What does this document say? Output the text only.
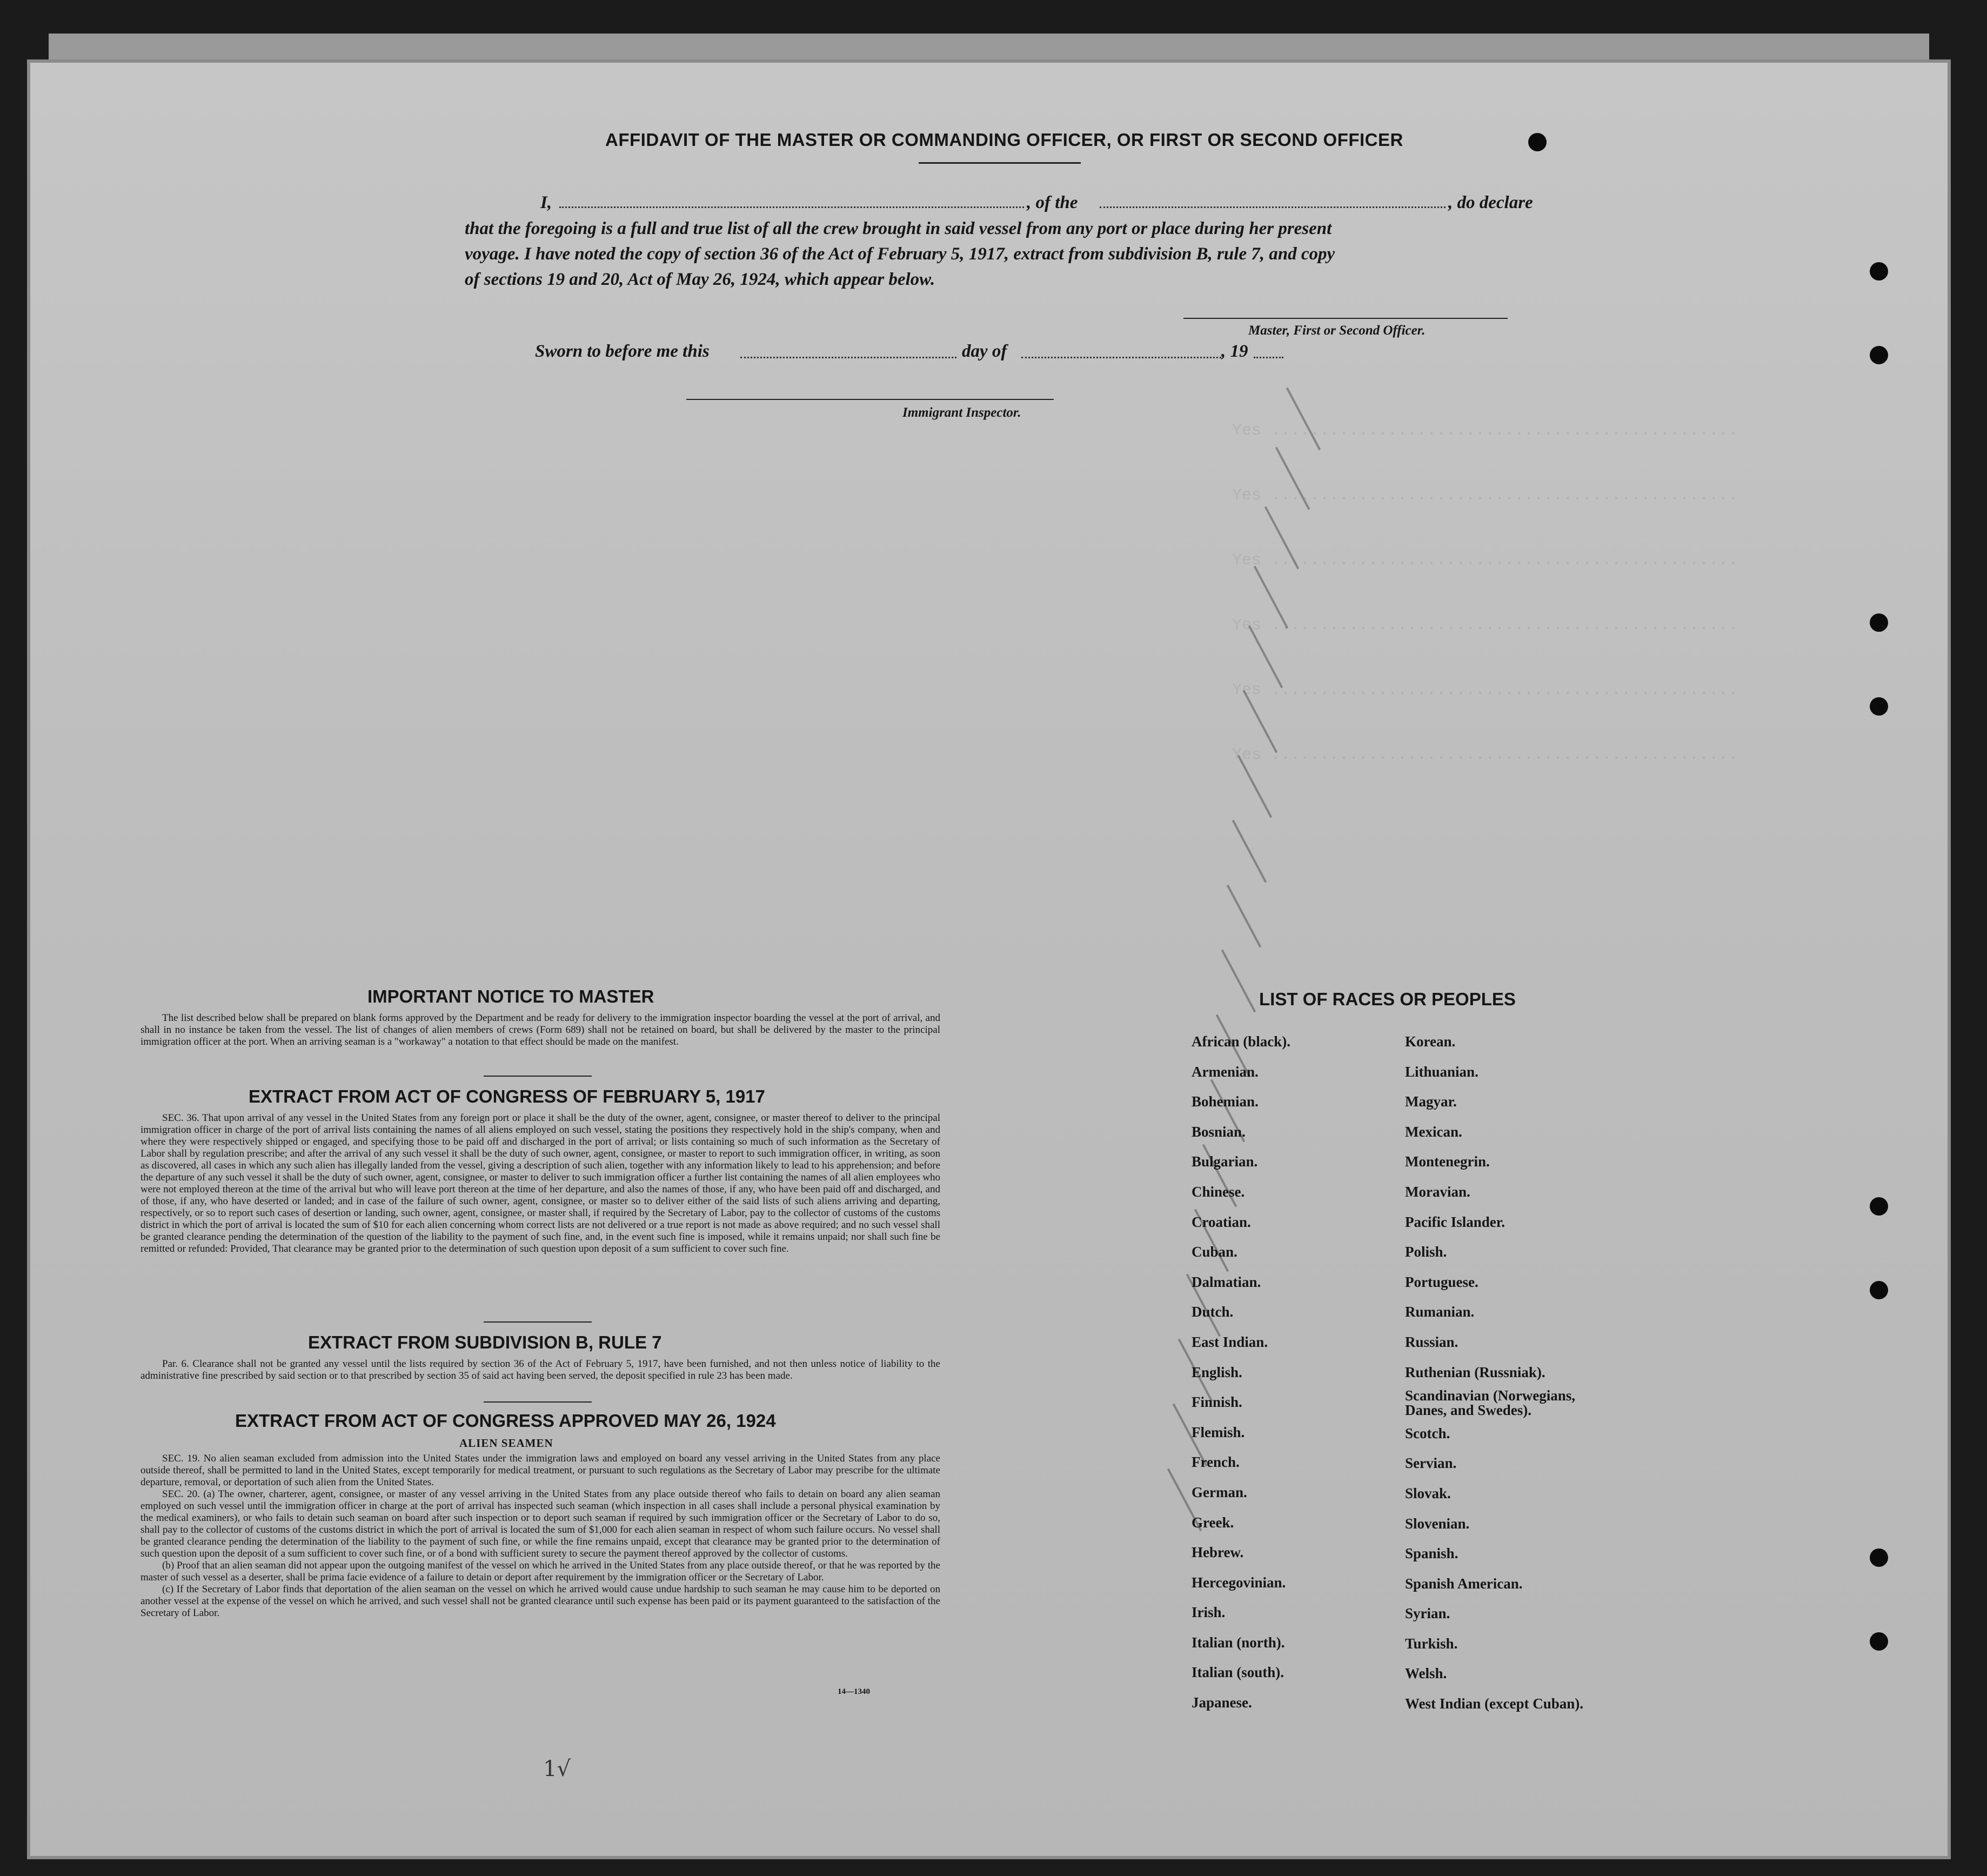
Yes ................................................
Yes ................................................
Yes ................................................
Yes ................................................
Yes ................................................
Yes ................................................
AFFIDAVIT OF THE MASTER OR COMMANDING OFFICER, OR FIRST OR SECOND OFFICER
I,	, of the	, do declare
that the foregoing is a full and true list of all the crew brought in said vessel from any port or place during her present
voyage. I have noted the copy of section 36 of the Act of February 5, 1917, extract from subdivision B, rule 7, and copy
of sections 19 and 20, Act of May 26, 1924, which appear below.
Master, First or Second Officer.
Sworn to before me this	day of	, 19
Immigrant Inspector.
IMPORTANT NOTICE TO MASTER

The list described below shall be prepared on blank forms approved by the Department and be ready for delivery to the immigration inspector boarding the vessel at the port of arrival, and shall in no instance be taken from the vessel. The list of changes of alien members of crews (Form 689) shall not be retained on board, but shall be delivered by the master to the principal immigration officer at the port. When an arriving seaman is a "workaway" a notation to that effect should be made on the manifest.

EXTRACT FROM ACT OF CONGRESS OF FEBRUARY 5, 1917

SEC. 36. That upon arrival of any vessel in the United States from any foreign port or place it shall be the duty of the owner, agent, consignee, or master thereof to deliver to the principal immigration officer in charge of the port of arrival lists containing the names of all aliens employed on such vessel, stating the positions they respectively hold in the ship's company, when and where they were respectively shipped or engaged, and specifying those to be paid off and discharged in the port of arrival; or lists containing so much of such information as the Secretary of Labor shall by regulation prescribe; and after the arrival of any such vessel it shall be the duty of such owner, agent, consignee, or master to report to such immigration officer, in writing, as soon as discovered, all cases in which any such alien has illegally landed from the vessel, giving a description of such alien, together with any information likely to lead to his apprehension; and before the departure of any such vessel it shall be the duty of such owner, agent, consignee, or master to deliver to such immigration officer a further list containing the names of all alien employees who were not employed thereon at the time of the arrival but who will leave port thereon at the time of her departure, and also the names of those, if any, who have been paid off and discharged, and of those, if any, who have deserted or landed; and in case of the failure of such owner, agent, consignee, or master so to deliver either of the said lists of such aliens arriving and departing, respectively, or so to report such cases of desertion or landing, such owner, agent, consignee, or master shall, if required by the Secretary of Labor, pay to the collector of customs of the customs district in which the port of arrival is located the sum of $10 for each alien concerning whom correct lists are not delivered or a true report is not made as above required; and no such vessel shall be granted clearance pending the determination of the question of the liability to the payment of such fine, and, in the event such fine is imposed, while it remains unpaid; nor shall such fine be remitted or refunded: Provided, That clearance may be granted prior to the determination of such question upon deposit of a sum sufficient to cover such fine.

EXTRACT FROM SUBDIVISION B, RULE 7

Par. 6. Clearance shall not be granted any vessel until the lists required by section 36 of the Act of February 5, 1917, have been furnished, and not then unless notice of liability to the administrative fine prescribed by said section or to that prescribed by section 35 of said act having been served, the deposit specified in rule 23 has been made.

EXTRACT FROM ACT OF CONGRESS APPROVED MAY 26, 1924
ALIEN SEAMEN

SEC. 19. No alien seaman excluded from admission into the United States under the immigration laws and employed on board any vessel arriving in the United States from any place outside thereof, shall be permitted to land in the United States, except temporarily for medical treatment, or pursuant to such regulations as the Secretary of Labor may prescribe for the ultimate departure, removal, or deportation of such alien from the United States.

SEC. 20. (a) The owner, charterer, agent, consignee, or master of any vessel arriving in the United States from any place outside thereof who fails to detain on board any alien seaman employed on such vessel until the immigration officer in charge at the port of arrival has inspected such seaman (which inspection in all cases shall include a personal physical examination by the medical examiners), or who fails to detain such seaman on board after such inspection or to deport such seaman if required by such immigration officer or the Secretary of Labor to do so, shall pay to the collector of customs of the customs district in which the port of arrival is located the sum of $1,000 for each alien seaman in respect of whom such failure occurs. No vessel shall be granted clearance pending the determination of the liability to the payment of such fine, or while the fine remains unpaid, except that clearance may be granted prior to the determination of such question upon the deposit of a sum sufficient to cover such fine, or of a bond with sufficient surety to secure the payment thereof approved by the collector of customs.

(b) Proof that an alien seaman did not appear upon the outgoing manifest of the vessel on which he arrived in the United States from any place outside thereof, or that he was reported by the master of such vessel as a deserter, shall be prima facie evidence of a failure to detain or deport after requirement by the immigration officer or the Secretary of Labor.

(c) If the Secretary of Labor finds that deportation of the alien seaman on the vessel on which he arrived would cause undue hardship to such seaman he may cause him to be deported on another vessel at the expense of the vessel on which he arrived, and such vessel shall not be granted clearance until such expense has been paid or its payment guaranteed to the satisfaction of the Secretary of Labor.

14—1340
LIST OF RACES OR PEOPLES
African (black).
Armenian.
Bohemian.
Bosnian.
Bulgarian.
Chinese.
Croatian.
Cuban.
Dalmatian.
Dutch.
East Indian.
English.
Finnish.
Flemish.
French.
German.
Greek.
Hebrew.
Hercegovinian.
Irish.
Italian (north).
Italian (south).
Japanese.
Korean.
Lithuanian.
Magyar.
Mexican.
Montenegrin.
Moravian.
Pacific Islander.
Polish.
Portuguese.
Rumanian.
Russian.
Ruthenian (Russniak).
Scandinavian (Norwegians, Danes, and Swedes).
Scotch.
Servian.
Slovak.
Slovenian.
Spanish.
Spanish American.
Syrian.
Turkish.
Welsh.
West Indian (except Cuban).
1√
